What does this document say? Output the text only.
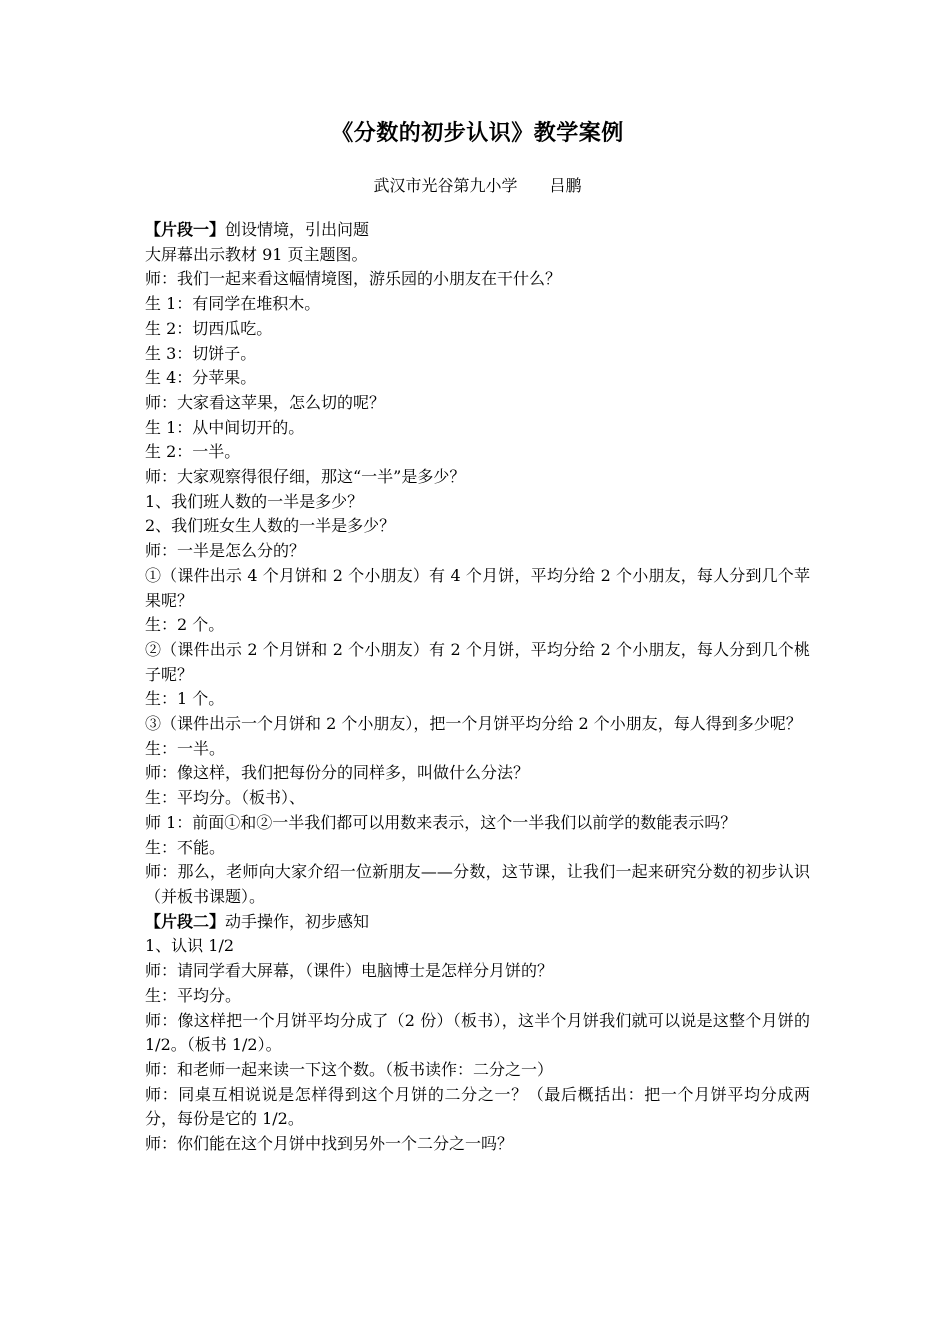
《分数的初步认识》教学案例
武汉市光谷第九小学　　吕鹏

【片段一】创设情境，引出问题

大屏幕出示教材 91 页主题图。

师：我们一起来看这幅情境图，游乐园的小朋友在干什么？

生 1：有同学在堆积木。

生 2：切西瓜吃。

生 3：切饼子。

生 4：分苹果。

师：大家看这苹果，怎么切的呢？

生 1：从中间切开的。

生 2：一半。

师：大家观察得很仔细，那这“一半”是多少？

1、我们班人数的一半是多少？

2、我们班女生人数的一半是多少？

师：一半是怎么分的？

①（课件出示 4 个月饼和 2 个小朋友）有 4 个月饼，平均分给 2 个小朋友，每人分到几个苹果呢？

生：2 个。

②（课件出示 2 个月饼和 2 个小朋友）有 2 个月饼，平均分给 2 个小朋友，每人分到几个桃子呢？

生：1 个。

③（课件出示一个月饼和 2 个小朋友），把一个月饼平均分给 2 个小朋友，每人得到多少呢？

生：一半。

师：像这样，我们把每份分的同样多，叫做什么分法？

生：平均分。（板书）、

师 1：前面①和②一半我们都可以用数来表示，这个一半我们以前学的数能表示吗？

生：不能。

师：那么，老师向大家介绍一位新朋友——分数，这节课，让我们一起来研究分数的初步认识（并板书课题）。

【片段二】动手操作，初步感知

1、认识 1/2

师：请同学看大屏幕，（课件）电脑博士是怎样分月饼的？

生：平均分。

师：像这样把一个月饼平均分成了（2 份）（板书），这半个月饼我们就可以说是这整个月饼的 1/2。（板书 1/2）。

师：和老师一起来读一下这个数。（板书读作：二分之一）

师：同桌互相说说是怎样得到这个月饼的二分之一？（最后概括出：把一个月饼平均分成两分，每份是它的 1/2。

师：你们能在这个月饼中找到另外一个二分之一吗？
